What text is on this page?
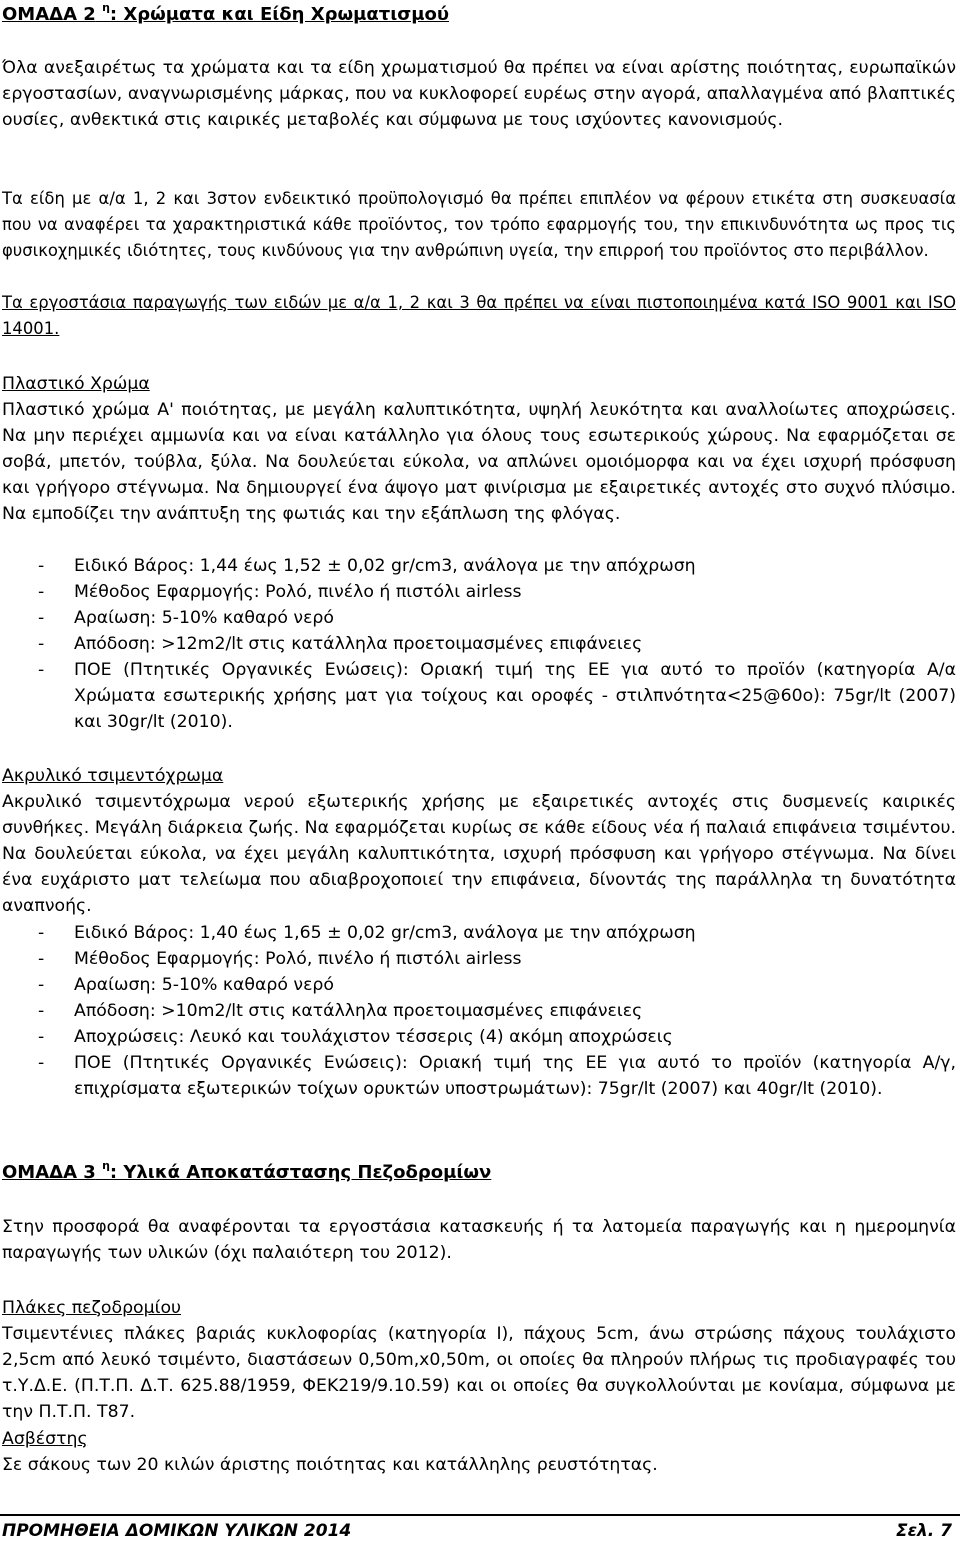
ΟΜΑΔΑ 2 $^\eta$: Χρώματα και Είδη Χρωματισμού

Όλα ανεξαιρέτως τα χρώματα και τα είδη χρωματισμού θα πρέπει να είναι αρίστης ποιότητας, ευρωπαϊκών εργοστασίων, αναγνωρισμένης μάρκας, που να κυκλοφορεί ευρέως στην αγορά, απαλλαγμένα από βλαπτικές ουσίες, ανθεκτικά στις καιρικές μεταβολές και σύμφωνα με τους ισχύοντες κανονισμούς.

Τα είδη με α/α 1, 2 και 3στον ενδεικτικό προϋπολογισμό θα πρέπει επιπλέον να φέρουν ετικέτα στη συσκευασία που να αναφέρει τα χαρακτηριστικά κάθε προϊόντος, τον τρόπο εφαρμογής του, την επικινδυνότητα ως προς τις φυσικοχημικές ιδιότητες, τους κινδύνους για την ανθρώπινη υγεία, την επιρροή του προϊόντος στο περιβάλλον.

Τα εργοστάσια παραγωγής των ειδών με α/α 1, 2 και 3 θα πρέπει να είναι πιστοποιημένα κατά ISO 9001 και ISO 14001.

Πλαστικό Χρώμα

Πλαστικό χρώμα Α' ποιότητας, με μεγάλη καλυπτικότητα, υψηλή λευκότητα και αναλλοίωτες αποχρώσεις. Να μην περιέχει αμμωνία και να είναι κατάλληλο για όλους τους εσωτερικούς χώρους. Να εφαρμόζεται σε σοβά, μπετόν, τούβλα, ξύλα. Να δουλεύεται εύκολα, να απλώνει ομοιόμορφα και να έχει ισχυρή πρόσφυση και γρήγορο στέγνωμα. Να δημιουργεί ένα άψογο ματ φινίρισμα με εξαιρετικές αντοχές στο συχνό πλύσιμο. Να εμποδίζει την ανάπτυξη της φωτιάς και την εξάπλωση της φλόγας.

- Ειδικό Βάρος: 1,44 έως 1,52 ± 0,02 gr/cm3, ανάλογα με την απόχρωση
- Μέθοδος Εφαρμογής: Ρολό, πινέλο ή πιστόλι airless
- Αραίωση: 5-10% καθαρό νερό
- Απόδοση: >12m2/lt στις κατάλληλα προετοιμασμένες επιφάνειες
- ΠΟΕ (Πτητικές Οργανικές Ενώσεις): Οριακή τιμή της ΕΕ για αυτό το προϊόν (κατηγορία Α/α Χρώματα εσωτερικής χρήσης ματ για τοίχους και οροφές - στιλπνότητα<25@60ο): 75gr/lt (2007) και 30gr/lt (2010).
Ακρυλικό τσιμεντόχρωμα

Ακρυλικό τσιμεντόχρωμα νερού εξωτερικής χρήσης με εξαιρετικές αντοχές στις δυσμενείς καιρικές συνθήκες. Μεγάλη διάρκεια ζωής. Να εφαρμόζεται κυρίως σε κάθε είδους νέα ή παλαιά επιφάνεια τσιμέντου. Να δουλεύεται εύκολα, να έχει μεγάλη καλυπτικότητα, ισχυρή πρόσφυση και γρήγορο στέγνωμα. Να δίνει ένα ευχάριστο ματ τελείωμα που αδιαβροχοποιεί την επιφάνεια, δίνοντάς της παράλληλα τη δυνατότητα αναπνοής.

- Ειδικό Βάρος: 1,40 έως 1,65 ± 0,02 gr/cm3, ανάλογα με την απόχρωση
- Μέθοδος Εφαρμογής: Ρολό, πινέλο ή πιστόλι airless
- Αραίωση: 5-10% καθαρό νερό
- Απόδοση: >10m2/lt στις κατάλληλα προετοιμασμένες επιφάνειες
- Αποχρώσεις: Λευκό και τουλάχιστον τέσσερις (4) ακόμη αποχρώσεις
- ΠΟΕ (Πτητικές Οργανικές Ενώσεις): Οριακή τιμή της ΕΕ για αυτό το προϊόν (κατηγορία Α/γ, επιχρίσματα εξωτερικών τοίχων ορυκτών υποστρωμάτων): 75gr/lt (2007) και 40gr/lt (2010).
ΟΜΑΔΑ 3 $^\eta$: Υλικά Αποκατάστασης Πεζοδρομίων

Στην προσφορά θα αναφέρονται τα εργοστάσια κατασκευής ή τα λατομεία παραγωγής και η ημερομηνία παραγωγής των υλικών (όχι παλαιότερη του 2012).

Πλάκες πεζοδρομίου

Τσιμεντένιες πλάκες βαριάς κυκλοφορίας (κατηγορία I), πάχους 5cm, άνω στρώσης πάχους τουλάχιστο 2,5cm από λευκό τσιμέντο, διαστάσεων 0,50m,x0,50m, οι οποίες θα πληρούν πλήρως τις προδιαγραφές του τ.Υ.Δ.Ε. (Π.Τ.Π. Δ.Τ. 625.88/1959, ΦΕΚ219/9.10.59) και οι οποίες θα συγκολλούνται με κονίαμα, σύμφωνα με την Π.Τ.Π. Τ87.

Ασβέστης

Σε σάκους των 20 κιλών άριστης ποιότητας και κατάλληλης ρευστότητας.

ΠΡΟΜΗΘΕΙΑ ΔΟΜΙΚΩΝ ΥΛΙΚΩΝ 2014	Σελ. 7
